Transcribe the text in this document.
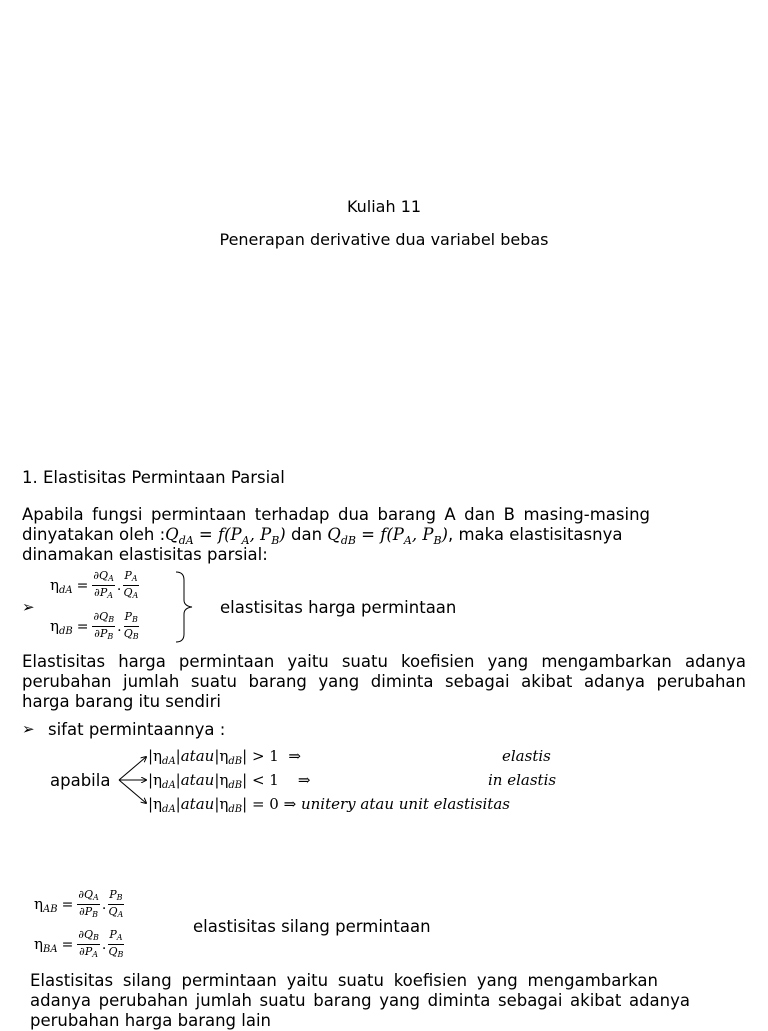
Kuliah 11
Penerapan derivative dua variabel bebas
1. Elastisitas Permintaan Parsial
Apabila fungsi permintaan terhadap dua barang A dan B masing-masing
dinyatakan oleh $:Q_{dA} = f(P_A$, $P_B$) dan $Q_{dB} = f(P_A$, $P_B$), maka elastisitasnya
dinamakan elastisitas parsial:
➢
$\eta_{dA} = \frac{\partial QA}{\partial PA}$ . $\frac{PA}{QA}$
$\eta_{dB} = \frac{\partial QB}{\partial PB}$ . $\frac{PB}{QB}$
elastisitas harga permintaan
Elastisitas harga permintaan yaitu suatu koefisien yang mengambarkan adanya
perubahan jumlah suatu barang yang diminta sebagai akibat adanya perubahan
harga barang itu sendiri
➢ sifat permintaannya :
apabila
$|\eta_{dA}|atau|\eta_{dB}| > 1$ ⇒	elastis
$|\eta_{dA}|atau|\eta_{dB}| < 1$ ⇒	in elastis
$|\eta_{dA}|atau|\eta_{dB}| = 0$ ⇒ unitery atau unit elastisitas
$\eta_{AB} = \frac{\partial QA}{\partial PB}$ . $\frac{PB}{QA}$
$\eta_{BA} = \frac{\partial QB}{\partial PA}$ . $\frac{PA}{QB}$
elastisitas silang permintaan
Elastisitas silang permintaan yaitu suatu koefisien yang mengambarkan
adanya perubahan jumlah suatu barang yang diminta sebagai akibat adanya
perubahan harga barang lain
